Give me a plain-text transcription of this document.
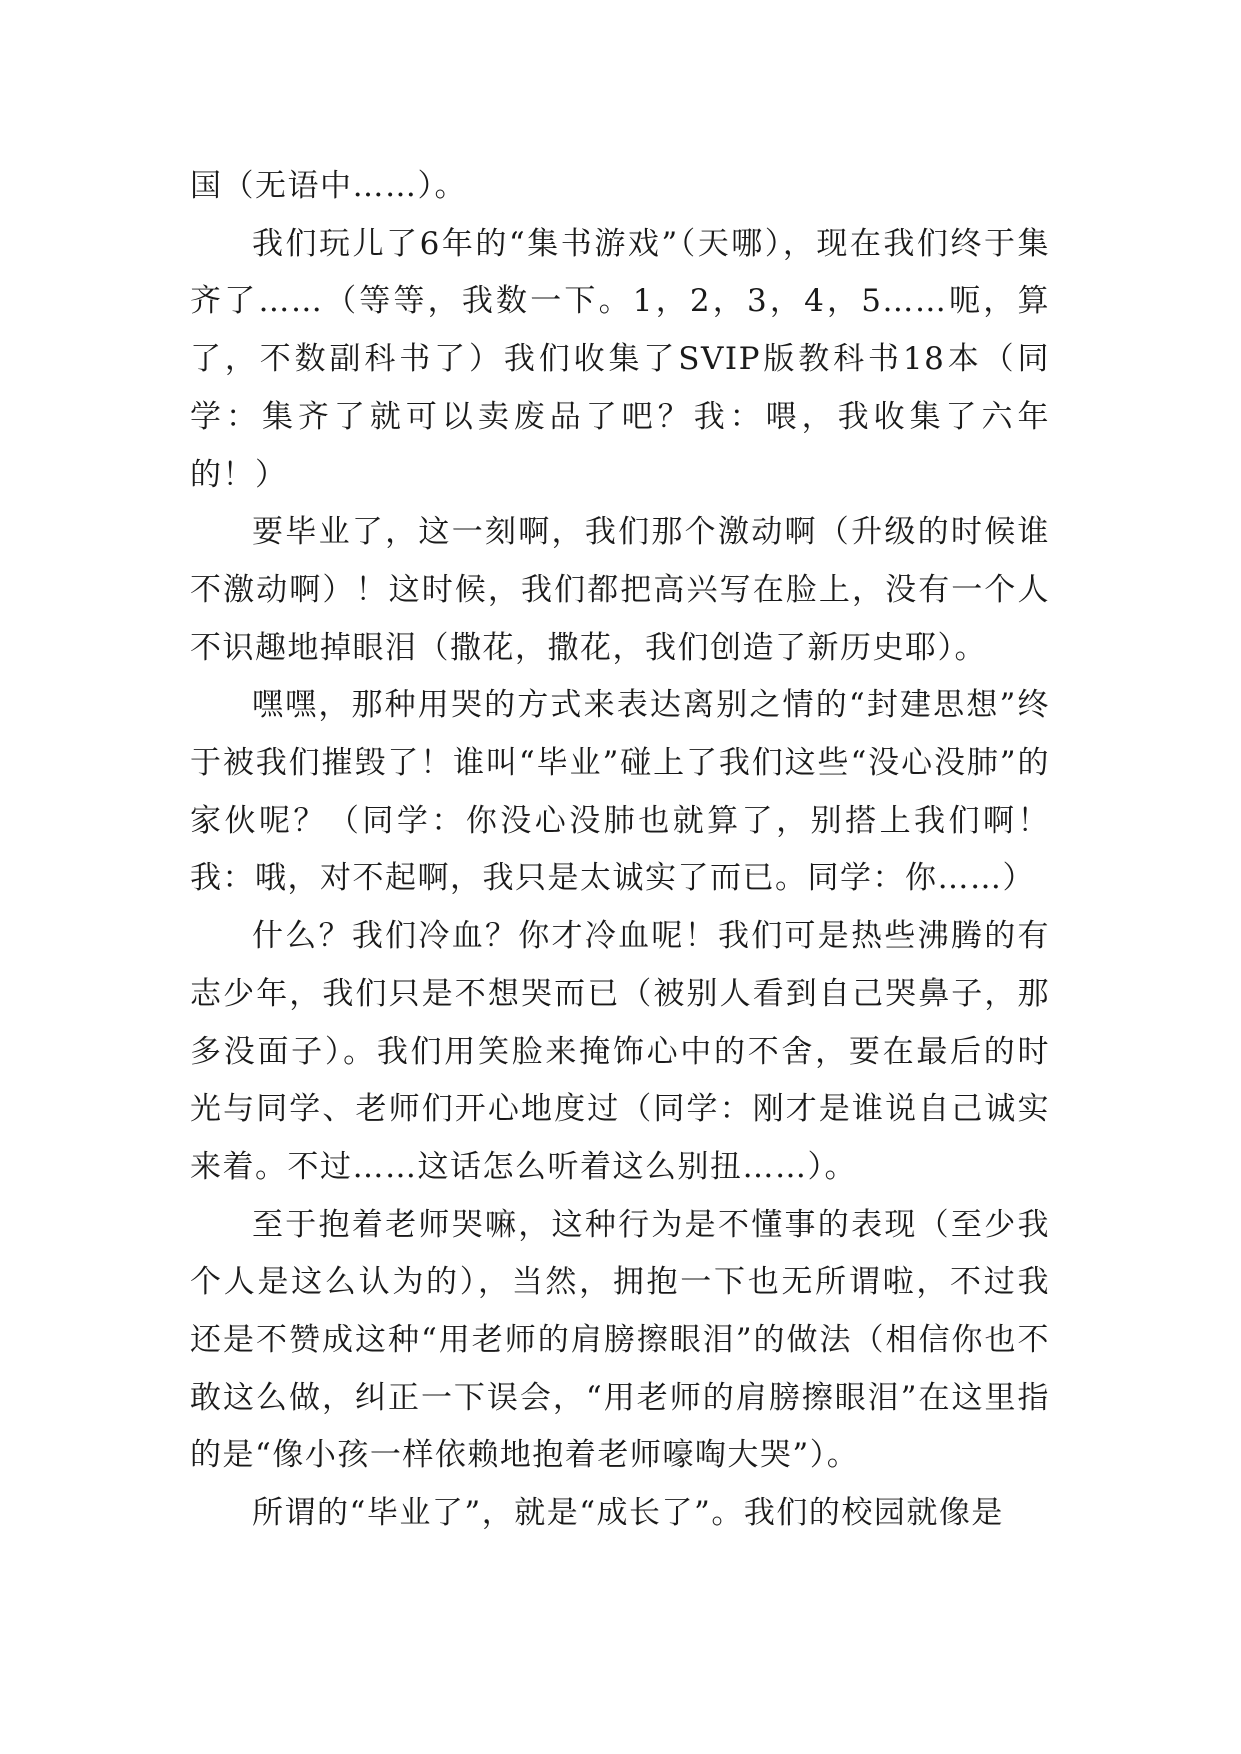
国（无语中……）。

我们玩儿了6年的“集书游戏”（天哪），现在我们终于集齐了……（等等，我数一下。1，2，3，4，5……呃，算了，不数副科书了）我们收集了SVIP版教科书18本（同学：集齐了就可以卖废品了吧？我：喂，我收集了六年的！）

要毕业了，这一刻啊，我们那个激动啊（升级的时候谁不激动啊）！这时候，我们都把高兴写在脸上，没有一个人不识趣地掉眼泪（撒花，撒花，我们创造了新历史耶）。

嘿嘿，那种用哭的方式来表达离别之情的“封建思想”终于被我们摧毁了！谁叫“毕业”碰上了我们这些“没心没肺”的家伙呢？（同学：你没心没肺也就算了，别搭上我们啊！我：哦，对不起啊，我只是太诚实了而已。同学：你……）

什么？我们冷血？你才冷血呢！我们可是热些沸腾的有志少年，我们只是不想哭而已（被别人看到自己哭鼻子，那多没面子）。我们用笑脸来掩饰心中的不舍，要在最后的时光与同学、老师们开心地度过（同学：刚才是谁说自己诚实来着。不过……这话怎么听着这么别扭……）。

至于抱着老师哭嘛，这种行为是不懂事的表现（至少我个人是这么认为的），当然，拥抱一下也无所谓啦，不过我还是不赞成这种“用老师的肩膀擦眼泪”的做法（相信你也不敢这么做，纠正一下误会，“用老师的肩膀擦眼泪”在这里指的是“像小孩一样依赖地抱着老师嚎啕大哭”）。

所谓的“毕业了”，就是“成长了”。我们的校园就像是
